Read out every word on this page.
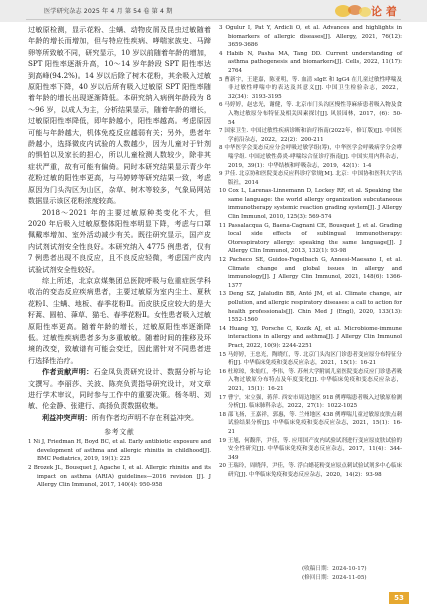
医学研究杂志 2025 年 4 月 第 54 卷 第 4 期	论 着

过敏原检测，显示花粉、尘螨、动物皮屑及昆虫过敏随着年龄的增长而增加，但与特应性疾病、哮喘家族史、马蹄卵等所致敏不同，研究显示，10 岁以前随着年龄的增加，SPT 阳性率逐渐升高，10～14 岁年龄段 SPT 阳性率达到高峰(94.2%)。14 岁以后除了树木花粉，其余吸入过敏原阳性率下降，40 岁以后所有吸入过敏原 SPT 阳性率随着年龄的增长出现逐渐降低。本研究纳入病例年龄段为 8～96 岁，以成人为主，分析结果显示，随着年龄的增长，过敏原阳性率降低，即年龄越小，阳性率越高。考虑原因可能与年龄越大，机体免疫反应越弱有关；另外，患者年龄越小，选择微皮内试验的人数越少，因为儿童对于针剂的惧怕以及家长的担心，所以儿童检测人数较少，除非其症状严重，故有可能有偏倚。同时本研究结果显示青少年花粉过敏的阳性率更高，与马婷婷等研究结果一致，考虑原因为门头沟区为山区，杂草、树木等较多，气象局网站数据显示该区花粉浓度较高。

2018～2021 年的主要过敏原种类变化不大，但 2020 年后吸入过敏原整体阳性率明显下降，考虑与口罩佩戴率增加、室外活动减少有关。既往研究显示，国产皮内试剂试剂安全性良好。本研究纳入 4775 例患者，仅有 7 例患者出现不良反应，且不良反应轻微，考虑国产皮内试验试剂安全性较好。

综上所述，北京京煤集团总医院呼吸与危重症医学科收治的变态反应疾病患者，主要过敏原为室内尘土、夏秋花粉Ⅰ、尘螨、地板、春季花粉Ⅱ。而皮肤反应较大的是大籽蒿、圆柏、葎草、猫毛、春季花粉Ⅱ。女性患者吸入过敏原阳性率更高。随着年龄的增长，过敏原阳性率逐渐降低。过敏性疾病患者多为多重敏敏。随着时间的推移及环境的改变，致敏谱有可能会变迁，因此需针对不同患者进行选择性治疗。

作者贡献声明：石金凤负责研究设计、数据分析与论文撰写。李丽莎、关波、陈亮负责指导研究设计，对文章进行学术审议，同时参与工作中的重要决策。杨冬明、刘敏、伦金静、张建行、高扬负责数据收集。

利益冲突声明：所有作者均声明不存在利益冲突。

参考文献

1 Ni J, Friedman H, Boyd BC, et al. Early antibiotic exposure and development of asthma and allergic rhinitis in childhood[J]. BMC Pediatrics, 2019, 19(1): 225

2 Brozek JL, Bousquet J, Agache I, et al. Allergic rhinitis and its impact on asthma (ARIA) guidelines—2016 revision [J]. J Allergy Clin Immunol, 2017, 140(4): 950-958

3 Ogulur I, Pat Y, Ardicli O, et al. Advances and highlights in biomarkers of allergic diseases[J]. Allergy, 2021, 76(12): 3659-3686

4 Habib N, Pasha MA, Tang DD. Current understanding of asthma pathogenesis and biomarkers[J]. Cells, 2022, 11(17): 2764

5 曹新宇，王建嘉，陈亚明，等. 血清 sIgE 和 IgG4 在儿童过敏性哮喘及非过敏性哮喘中的表达及其意义[J]. 中国卫生检验杂志，2022，32(34)：3193-3195

6 马婷婷，赵忠光，谢健，等. 北京市门头沟区慢性荨麻疹患者吸入物及食入物过敏原分布特征及相关因素探讨[J]. 风景园林，2017，(6)：50-54

7 国家卫生. 中国过敏性疾病诊断和治疗指南(2022年，修订版)[J]. 中国医学前沿杂志，2022，22(2)：200-211

8 中华医学会变态反应分会呼吸过敏学组(筹)，中华医学会呼吸病学分会哮喘学组. 中国过敏性鼻炎-哮喘综合征诊疗指南[J]. 中国实用内科杂志，2019，39(1)：中华结核和呼吸杂志，2019，42(1)：1-4

9 尹佳. 北京协和医院变态反应科诊疗常规[M]. 北京：中国协和医科大学出版社，2014

10 Cox L, Larenas-Linnemann D, Lockey RF, et al. Speaking the same language: the world allergy organization subcutaneous immunotherapy systemic reaction grading system[J]. J Allergy Clin Immunol, 2010, 125(3): 569-574

11 Passalacqua G, Baena-Cagnani CE, Bousquet J, et al. Grading local side effects of sublingual immunotherapy: Otorespiratory allergy: speaking the same language[J]. J Allergy Clin Immunol, 2013, 132(1): 93-98

12 Pacheco SE, Guidos-Fogelbach G, Annesi-Maesano I, et al. Climate change and global issues in allergy and immunology[J]. J Allergy Clin Immunol, 2021, 148(6): 1366-1377

13 Deng SZ, Jalaludin BB, Antó JM, et al. Climate change, air pollution, and allergic respiratory diseases: a call to action for health professionals[J]. Chin Med J (Engl), 2020, 133(13): 1552-1560

14 Huang YJ, Porsche C, Kozik AJ, et al. Microbiome-immune interactions in allergy and asthma[J]. J Allergy Clin Immunol Pract, 2022, 10(9): 2244-2251

15 马婷婷，王忠光，陶晓红，等. 北京门头沟区门诊患者变应原分布特征分析[J]. 中华临床免疫和变态反应杂志，2021，15(1)：16-21

16 杜琼琼，朱灿红，李伟，等. 苏州大学附属儿童医院变态反应门诊患者吸入物过敏原分布特点及年度变化[J]. 中华临床免疫和变态反应杂志，2021，15(1)：16-21

17 曹宁，宋立强，蒋萍. 西安市周边地区 918 例哮喘患者吸入过敏原检测分析[J]. 临床肺科杂志，2022，27(1)：1022-1025

18 邵飞扬，王嘉祥，郭惠，等. 兰州地区 438 例哮喘儿童过敏原皮肤点刺试验结果分析[J]. 中华临床免疫和变态反应杂志，2021，15(1)：16-21

19 王旭，何馥萍，尹佳，等. 应用国产皮内试验试剂进行变应原皮肤试验的安全性研究[J]. 中华临床免疫和变态反应杂志，2017，11(4)：344-349

20 王瑞玲，周晓萍，尹佳，等. 浮白蜡花粉变应原点刺试验试剂多中心临床研究[J]. 中华临床免疫和变态反应杂志，2020，14(2)：93-98

(收稿日期：2024-10-17)
(修回日期：2024-11-05)
53
